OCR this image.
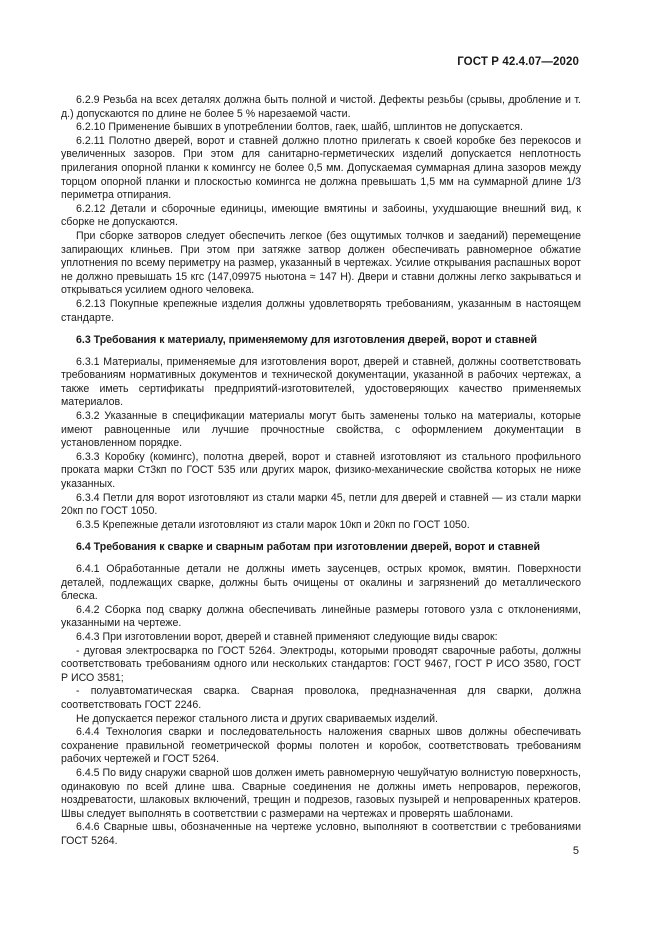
ГОСТ Р 42.4.07—2020

6.2.9 Резьба на всех деталях должна быть полной и чистой. Дефекты резьбы (срывы, дробление и т. д.) допускаются по длине не более 5 % нарезаемой части.

6.2.10 Применение бывших в употреблении болтов, гаек, шайб, шплинтов не допускается.

6.2.11 Полотно дверей, ворот и ставней должно плотно прилегать к своей коробке без перекосов и увеличенных зазоров. При этом для санитарно-герметических изделий допускается неплотность прилегания опорной планки к комингсу не более 0,5 мм. Допускаемая суммарная длина зазоров между торцом опорной планки и плоскостью комингса не должна превышать 1,5 мм на суммарной длине 1/3 периметра отпирания.

6.2.12 Детали и сборочные единицы, имеющие вмятины и забоины, ухудшающие внешний вид, к сборке не допускаются.

При сборке затворов следует обеспечить легкое (без ощутимых толчков и заеданий) перемещение запирающих клиньев. При этом при затяжке затвор должен обеспечивать равномерное обжатие уплотнения по всему периметру на размер, указанный в чертежах. Усилие открывания распашных ворот не должно превышать 15 кгс (147,09975 ньютона ≈ 147 Н). Двери и ставни должны легко закрываться и открываться усилием одного человека.

6.2.13 Покупные крепежные изделия должны удовлетворять требованиям, указанным в настоящем стандарте.

6.3 Требования к материалу, применяемому для изготовления дверей, ворот и ставней

6.3.1 Материалы, применяемые для изготовления ворот, дверей и ставней, должны соответствовать требованиям нормативных документов и технической документации, указанной в рабочих чертежах, а также иметь сертификаты предприятий-изготовителей, удостоверяющих качество применяемых материалов.

6.3.2 Указанные в спецификации материалы могут быть заменены только на материалы, которые имеют равноценные или лучшие прочностные свойства, с оформлением документации в установленном порядке.

6.3.3 Коробку (комингс), полотна дверей, ворот и ставней изготовляют из стального профильного проката марки Ст3кп по ГОСТ 535 или других марок, физико-механические свойства которых не ниже указанных.

6.3.4 Петли для ворот изготовляют из стали марки 45, петли для дверей и ставней — из стали марки 20кп по ГОСТ 1050.

6.3.5 Крепежные детали изготовляют из стали марок 10кп и 20кп по ГОСТ 1050.

6.4 Требования к сварке и сварным работам при изготовлении дверей, ворот и ставней

6.4.1 Обработанные детали не должны иметь заусенцев, острых кромок, вмятин. Поверхности деталей, подлежащих сварке, должны быть очищены от окалины и загрязнений до металлического блеска.

6.4.2 Сборка под сварку должна обеспечивать линейные размеры готового узла с отклонениями, указанными на чертеже.

6.4.3 При изготовлении ворот, дверей и ставней применяют следующие виды сварок:

- дуговая электросварка по ГОСТ 5264. Электроды, которыми проводят сварочные работы, должны соответствовать требованиям одного или нескольких стандартов: ГОСТ 9467, ГОСТ Р ИСО 3580, ГОСТ Р ИСО 3581;

- полуавтоматическая сварка. Сварная проволока, предназначенная для сварки, должна соответствовать ГОСТ 2246.

Не допускается пережог стального листа и других свариваемых изделий.

6.4.4 Технология сварки и последовательность наложения сварных швов должны обеспечивать сохранение правильной геометрической формы полотен и коробок, соответствовать требованиям рабочих чертежей и ГОСТ 5264.

6.4.5 По виду снаружи сварной шов должен иметь равномерную чешуйчатую волнистую поверхность, одинаковую по всей длине шва. Сварные соединения не должны иметь непроваров, пережогов, ноздреватости, шлаковых включений, трещин и подрезов, газовых пузырей и непроваренных кратеров. Швы следует выполнять в соответствии с размерами на чертежах и проверять шаблонами.

6.4.6 Сварные швы, обозначенные на чертеже условно, выполняют в соответствии с требованиями ГОСТ 5264.

5
